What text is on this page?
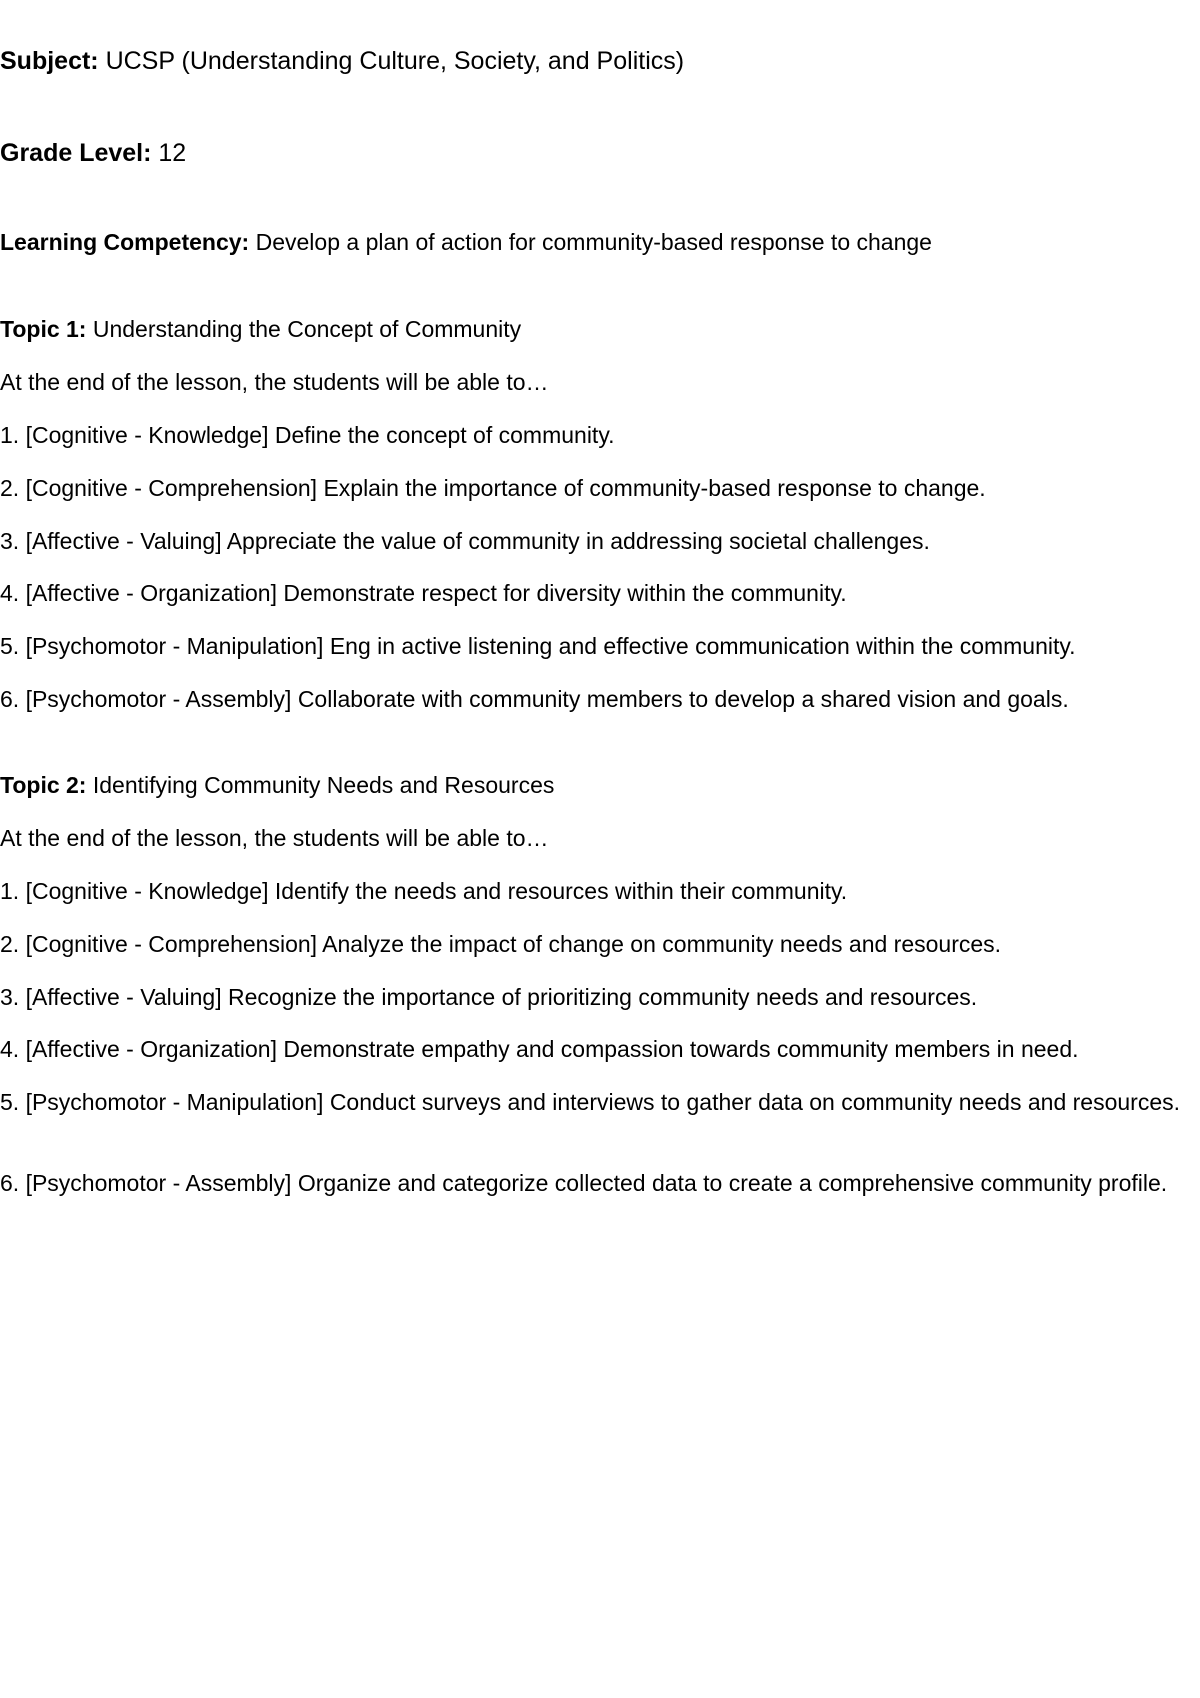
Subject: UCSP (Understanding Culture, Society, and Politics)

Grade Level: 12

Learning Competency: Develop a plan of action for community-based response to change

Topic 1: Understanding the Concept of Community

At the end of the lesson, the students will be able to…

1. [Cognitive - Knowledge] Define the concept of community.

2. [Cognitive - Comprehension] Explain the importance of community-based response to change.

3. [Affective - Valuing] Appreciate the value of community in addressing societal challenges.

4. [Affective - Organization] Demonstrate respect for diversity within the community.

5. [Psychomotor - Manipulation] Eng in active listening and effective communication within the community.

6. [Psychomotor - Assembly] Collaborate with community members to develop a shared vision and goals.

Topic 2: Identifying Community Needs and Resources

At the end of the lesson, the students will be able to…

1. [Cognitive - Knowledge] Identify the needs and resources within their community.

2. [Cognitive - Comprehension] Analyze the impact of change on community needs and resources.

3. [Affective - Valuing] Recognize the importance of prioritizing community needs and resources.

4. [Affective - Organization] Demonstrate empathy and compassion towards community members in need.

5. [Psychomotor - Manipulation] Conduct surveys and interviews to gather data on community needs and resources.

6. [Psychomotor - Assembly] Organize and categorize collected data to create a comprehensive community profile.
